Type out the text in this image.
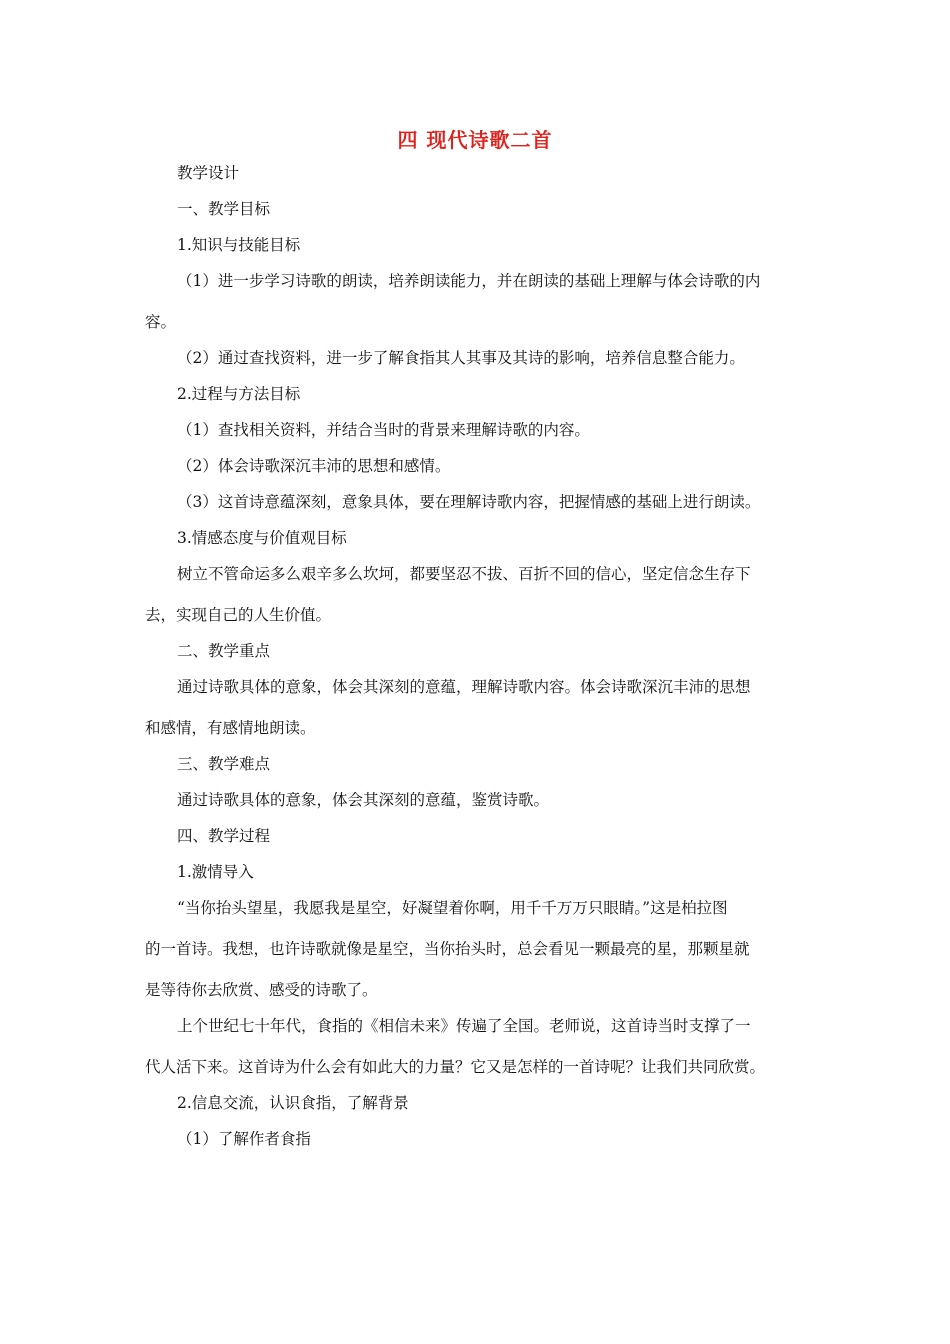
四 现代诗歌二首
教学设计
一、教学目标
1.知识与技能目标
（1）进一步学习诗歌的朗读，培养朗读能力，并在朗读的基础上理解与体会诗歌的内
容。
（2）通过查找资料，进一步了解食指其人其事及其诗的影响，培养信息整合能力。
2.过程与方法目标
（1）查找相关资料，并结合当时的背景来理解诗歌的内容。
（2）体会诗歌深沉丰沛的思想和感情。
（3）这首诗意蕴深刻，意象具体，要在理解诗歌内容，把握情感的基础上进行朗读。
3.情感态度与价值观目标
树立不管命运多么艰辛多么坎坷，都要坚忍不拔、百折不回的信心，坚定信念生存下
去，实现自己的人生价值。
二、教学重点
通过诗歌具体的意象，体会其深刻的意蕴，理解诗歌内容。体会诗歌深沉丰沛的思想
和感情，有感情地朗读。
三、教学难点
通过诗歌具体的意象，体会其深刻的意蕴，鉴赏诗歌。
四、教学过程
1.激情导入
“当你抬头望星，我愿我是星空，好凝望着你啊，用千千万万只眼睛。”这是柏拉图
的一首诗。我想，也许诗歌就像是星空，当你抬头时，总会看见一颗最亮的星，那颗星就
是等待你去欣赏、感受的诗歌了。
上个世纪七十年代，食指的《相信未来》传遍了全国。老师说，这首诗当时支撑了一
代人活下来。这首诗为什么会有如此大的力量？它又是怎样的一首诗呢？让我们共同欣赏。
2.信息交流，认识食指，了解背景
（1）了解作者食指
